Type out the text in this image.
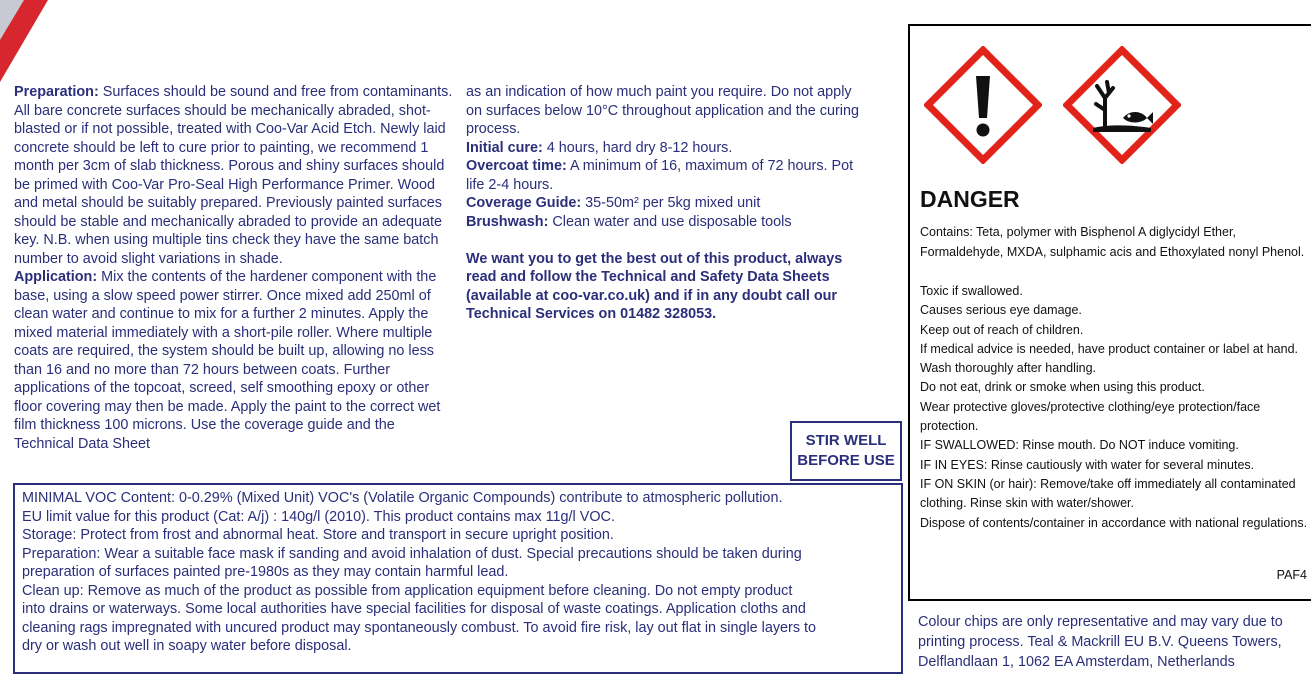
Preparation: Surfaces should be sound and free from contaminants. All bare concrete surfaces should be mechanically abraded, shot-blasted or if not possible, treated with Coo-Var Acid Etch. Newly laid concrete should be left to cure prior to painting, we recommend 1 month per 3cm of slab thickness. Porous and shiny surfaces should be primed with Coo-Var Pro-Seal High Performance Primer. Wood and metal should be suitably prepared. Previously painted surfaces should be stable and mechanically abraded to provide an adequate key. N.B. when using multiple tins check they have the same batch number to avoid slight variations in shade.
Application: Mix the contents of the hardener component with the base, using a slow speed power stirrer. Once mixed add 250ml of clean water and continue to mix for a further 2 minutes. Apply the mixed material immediately with a short-pile roller. Where multiple coats are required, the system should be built up, allowing no less than 16 and no more than 72 hours between coats. Further applications of the topcoat, screed, self smoothing epoxy or other floor covering may then be made. Apply the paint to the correct wet film thickness 100 microns. Use the coverage guide and the Technical Data Sheet
as an indication of how much paint you require. Do not apply on surfaces below 10°C throughout application and the curing process.
Initial cure: 4 hours, hard dry 8-12 hours.
Overcoat time: A minimum of 16, maximum of 72 hours. Pot life 2-4 hours.
Coverage Guide: 35-50m² per 5kg mixed unit
Brushwash: Clean water and use disposable tools
We want you to get the best out of this product, always read and follow the Technical and Safety Data Sheets (available at coo-var.co.uk) and if in any doubt call our Technical Services on 01482 328053.
STIR WELL
BEFORE USE
MINIMAL VOC Content: 0-0.29% (Mixed Unit) VOC's (Volatile Organic Compounds) contribute to atmospheric pollution.
EU limit value for this product (Cat: A/j) : 140g/l (2010). This product contains max 11g/l VOC.
Storage: Protect from frost and abnormal heat. Store and transport in secure upright position.
Preparation: Wear a suitable face mask if sanding and avoid inhalation of dust. Special precautions should be taken during
preparation of surfaces painted pre-1980s as they may contain harmful lead.
Clean up: Remove as much of the product as possible from application equipment before cleaning. Do not empty product
into drains or waterways. Some local authorities have special facilities for disposal of waste coatings. Application cloths and
cleaning rags impregnated with uncured product may spontaneously combust. To avoid fire risk, lay out flat in single layers to
dry or wash out well in soapy water before disposal.
DANGER
Contains: Teta, polymer with Bisphenol A diglycidyl Ether, Formaldehyde, MXDA, sulphamic acis and Ethoxylated nonyl Phenol.
Toxic if swallowed.
Causes serious eye damage.
Keep out of reach of children.
If medical advice is needed, have product container or label at hand.
Wash thoroughly after handling.
Do not eat, drink or smoke when using this product.
Wear protective gloves/protective clothing/eye protection/face protection.
IF SWALLOWED: Rinse mouth. Do NOT induce vomiting.
IF IN EYES: Rinse cautiously with water for several minutes.
IF ON SKIN (or hair): Remove/take off immediately all contaminated clothing. Rinse skin with water/shower.
Dispose of contents/container in accordance with national regulations.
PAF4
Colour chips are only representative and may vary due to printing process. Teal & Mackrill EU B.V. Queens Towers, Delflandlaan 1, 1062 EA Amsterdam, Netherlands
